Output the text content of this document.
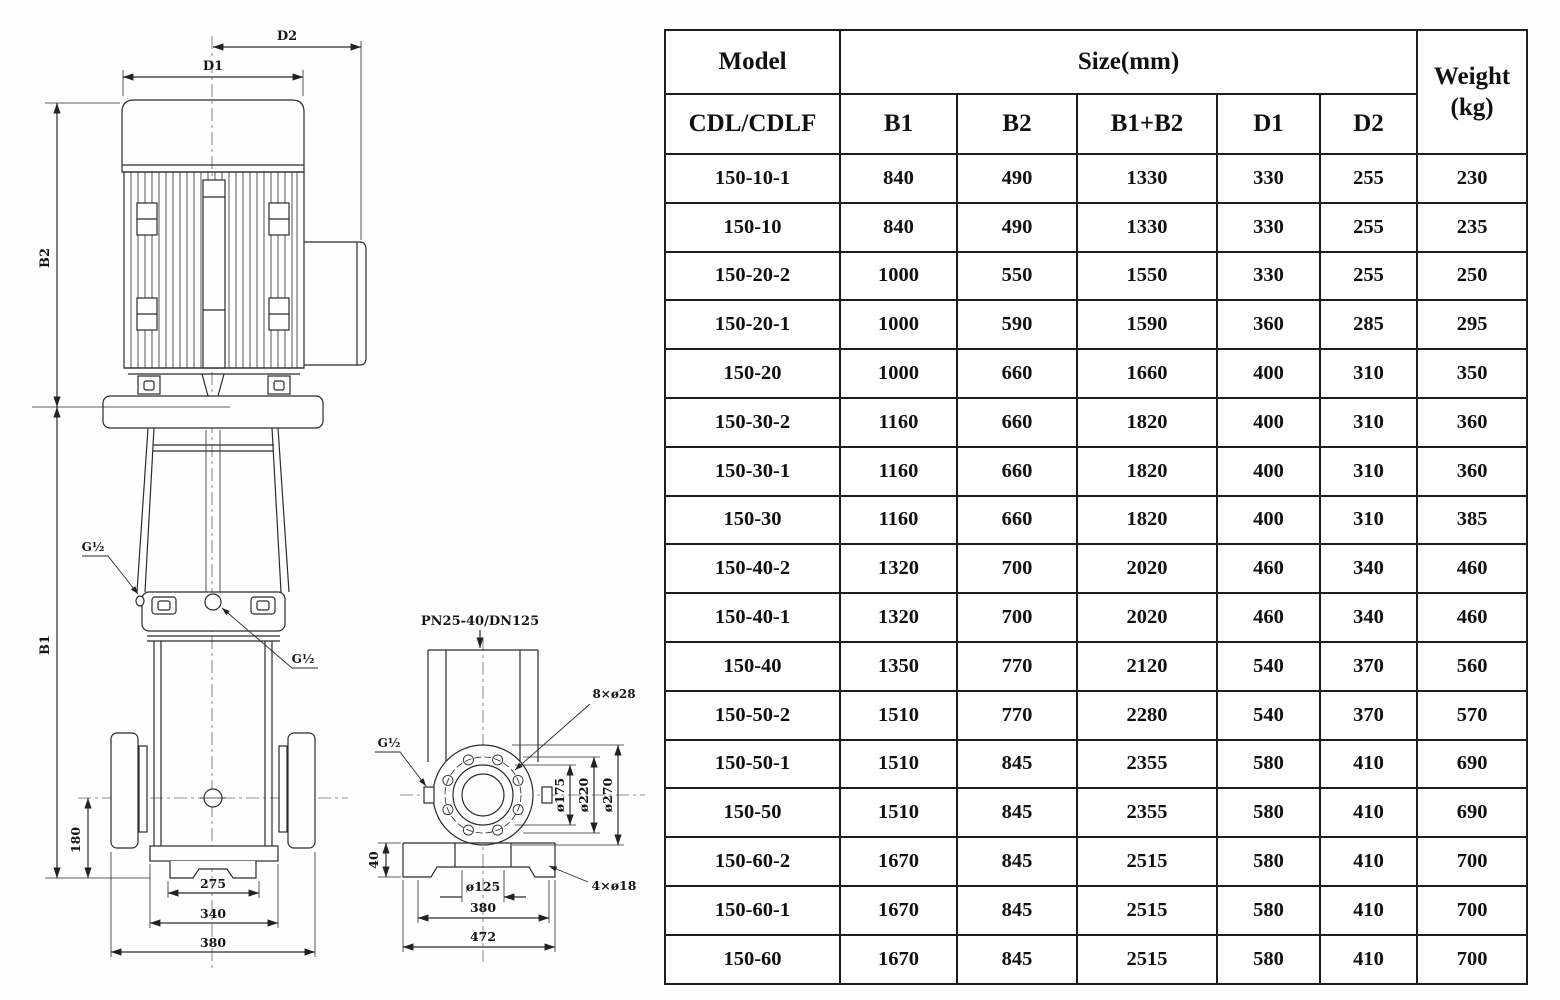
D2
D1
B2
B1
180
G½
G½
275
340
380
PN25-40/DN125
8×ø28
G½
ø175 ø220 ø270
40
4×ø18
ø125
380
472
Model	Size(mm)					Weight
(kg)

CDL/CDLF	B1	B2	B1+B2	D1	D2	
150-10-1	840	490	1330	330	255	230
150-10	840	490	1330	330	255	235
150-20-2	1000	550	1550	330	255	250
150-20-1	1000	590	1590	360	285	295
150-20	1000	660	1660	400	310	350
150-30-2	1160	660	1820	400	310	360
150-30-1	1160	660	1820	400	310	360
150-30	1160	660	1820	400	310	385
150-40-2	1320	700	2020	460	340	460
150-40-1	1320	700	2020	460	340	460
150-40	1350	770	2120	540	370	560
150-50-2	1510	770	2280	540	370	570
150-50-1	1510	845	2355	580	410	690
150-50	1510	845	2355	580	410	690
150-60-2	1670	845	2515	580	410	700
150-60-1	1670	845	2515	580	410	700
150-60	1670	845	2515	580	410	700
